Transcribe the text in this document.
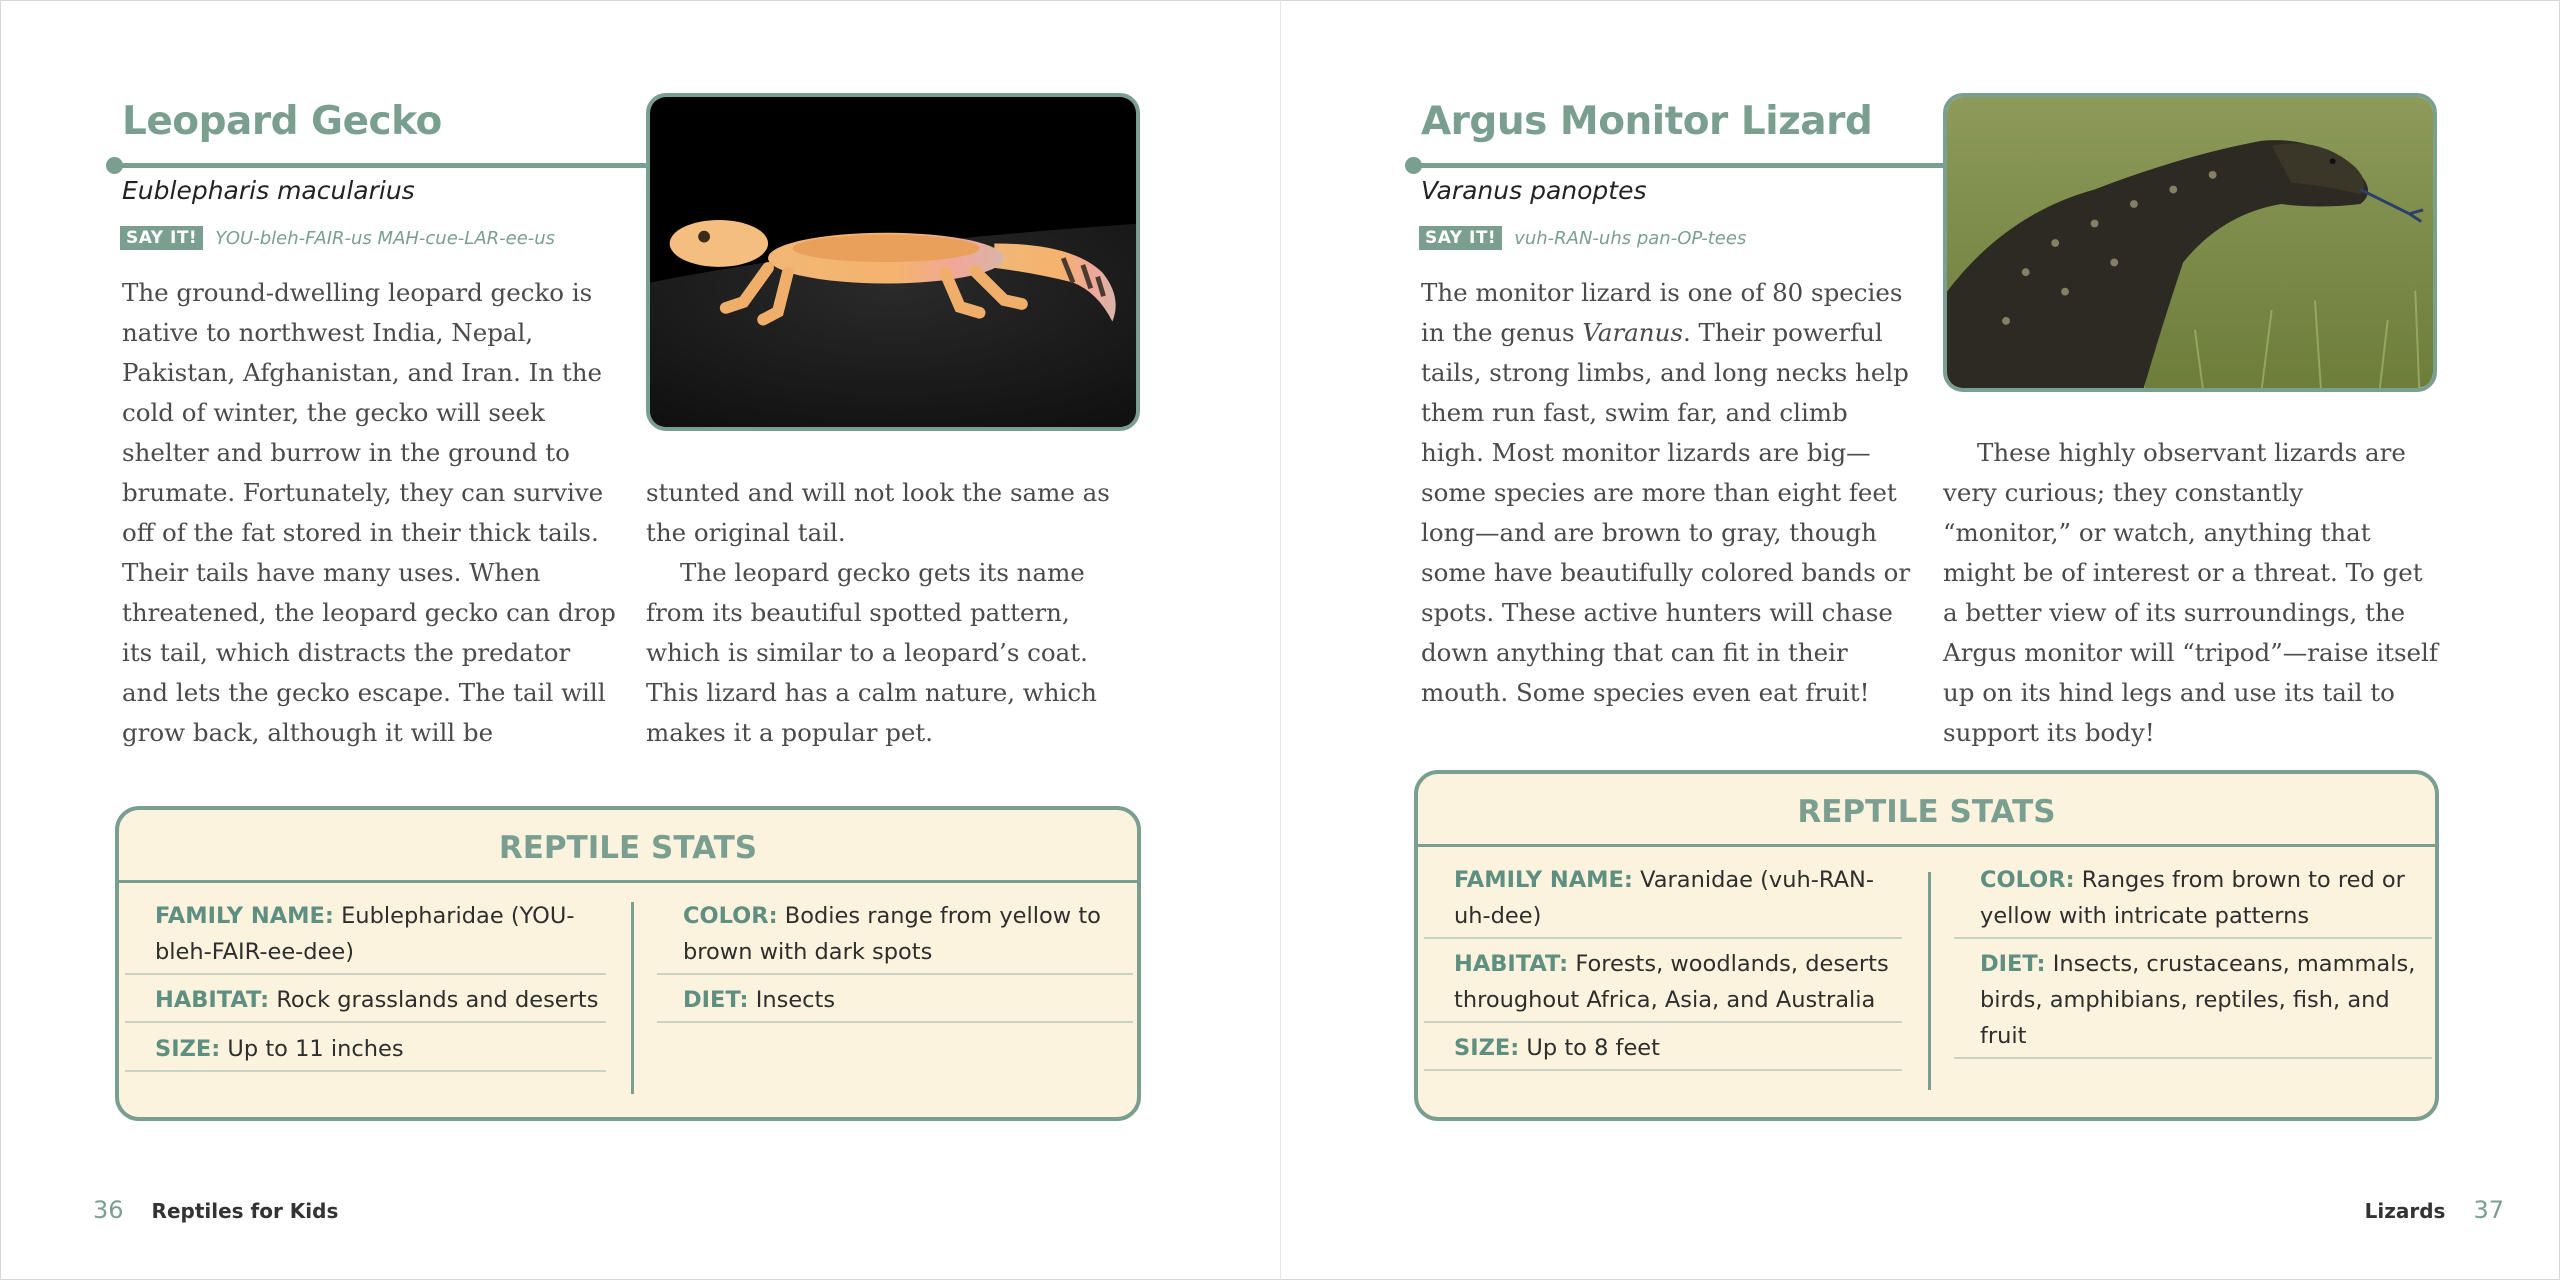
Leopard Gecko
Eublepharis macularius
SAY IT!	YOU-bleh-FAIR-us MAH-cue-LAR-ee-us

The ground-dwelling leopard gecko is native to northwest India, Nepal, Pakistan, Afghanistan, and Iran. In the cold of winter, the gecko will seek shelter and burrow in the ground to brumate. Fortunately, they can survive off of the fat stored in their thick tails. Their tails have many uses. When threatened, the leopard gecko can drop its tail, which distracts the predator and lets the gecko escape. The tail will grow back, although it will be

stunted and will not look the same as the original tail.

The leopard gecko gets its name from its beautiful spotted pattern, which is similar to a leopard’s coat. This lizard has a calm nature, which makes it a popular pet.

REPTILE STATS
FAMILY NAME: Eublepharidae (YOU-bleh-FAIR-ee-dee)
HABITAT: Rock grasslands and deserts
SIZE: Up to 11 inches
COLOR: Bodies range from yellow to brown with dark spots
DIET: Insects
36 Reptiles for Kids
Argus Monitor Lizard
Varanus panoptes
SAY IT!	vuh-RAN-uhs pan-OP-tees

The monitor lizard is one of 80 species in the genus Varanus. Their powerful tails, strong limbs, and long necks help them run fast, swim far, and climb high. Most monitor lizards are big—some species are more than eight feet long—and are brown to gray, though some have beautifully colored bands or spots. These active hunters will chase down anything that can fit in their mouth. Some species even eat fruit!

These highly observant lizards are very curious; they constantly “monitor,” or watch, anything that might be of interest or a threat. To get a better view of its surroundings, the Argus monitor will “tripod”—raise itself up on its hind legs and use its tail to support its body!

REPTILE STATS
FAMILY NAME: Varanidae (vuh-RAN-uh-dee)
HABITAT: Forests, woodlands, deserts throughout Africa, Asia, and Australia
SIZE: Up to 8 feet
COLOR: Ranges from brown to red or yellow with intricate patterns
DIET: Insects, crustaceans, mammals, birds, amphibians, reptiles, fish, and fruit
Lizards 37
